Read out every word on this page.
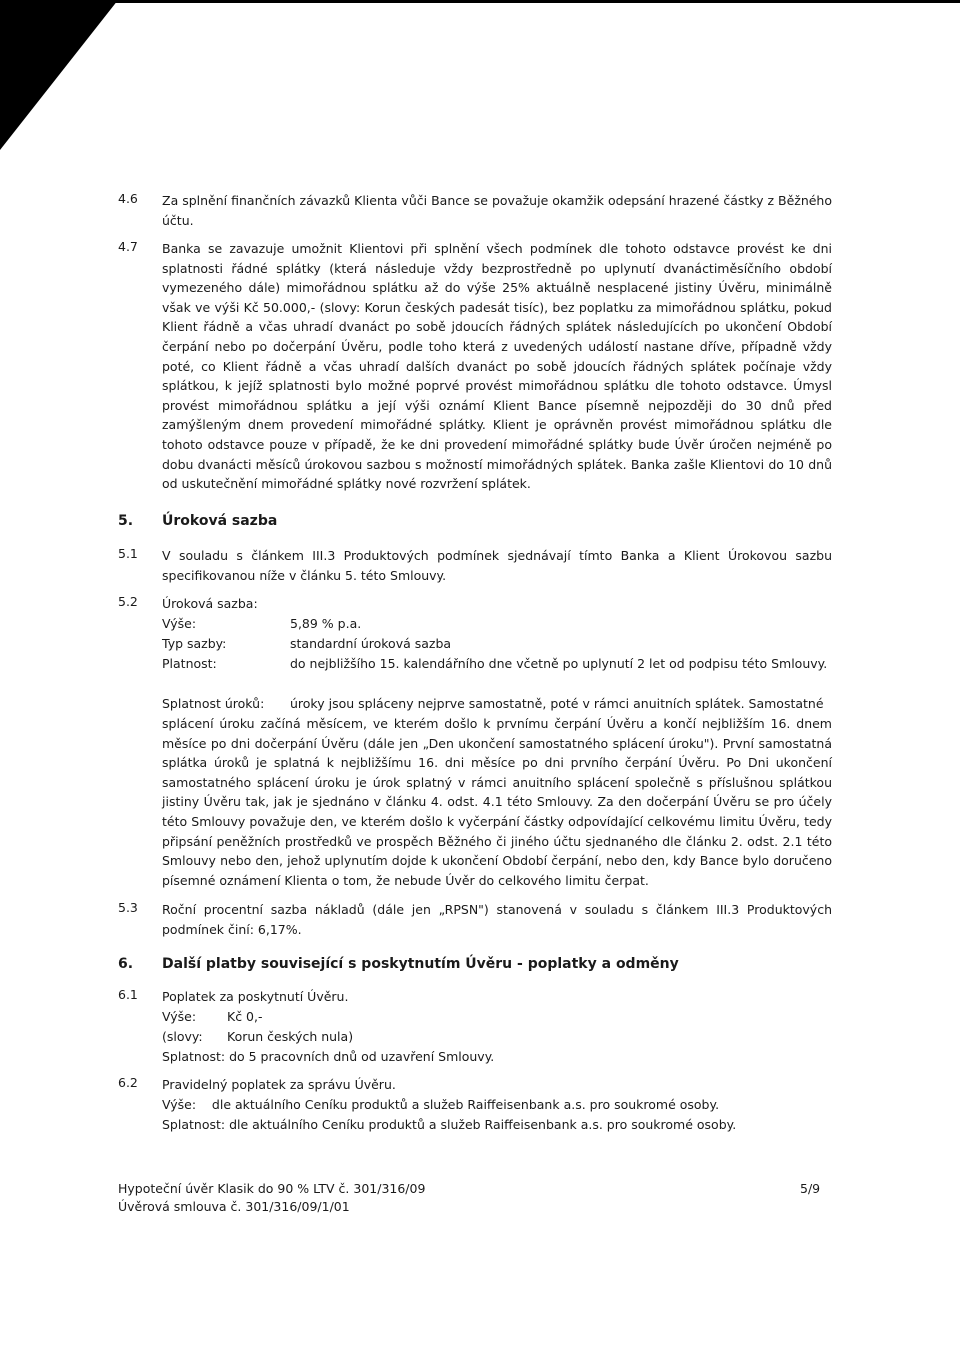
4.6 Za splnění finančních závazků Klienta vůči Bance se považuje okamžik odepsání hrazené částky z Běžného účtu.
4.7 Banka se zavazuje umožnit Klientovi při splnění všech podmínek dle tohoto odstavce provést ke dni splatnosti řádné splátky (která následuje vždy bezprostředně po uplynutí dvanáctiměsíčního období vymezeného dále) mimořádnou splátku až do výše 25% aktuálně nesplacené jistiny Úvěru, minimálně však ve výši Kč 50.000,- (slovy: Korun českých padesát tisíc), bez poplatku za mimořádnou splátku, pokud Klient řádně a včas uhradí dvanáct po sobě jdoucích řádných splátek následujících po ukončení Období čerpání nebo po dočerpání Úvěru, podle toho která z uvedených událostí nastane dříve, případně vždy poté, co Klient řádně a včas uhradí dalších dvanáct po sobě jdoucích řádných splátek počínaje vždy splátkou, k jejíž splatnosti bylo možné poprvé provést mimořádnou splátku dle tohoto odstavce. Úmysl provést mimořádnou splátku a její výši oznámí Klient Bance písemně nejpozději do 30 dnů před zamýšleným dnem provedení mimořádné splátky. Klient je oprávněn provést mimořádnou splátku dle tohoto odstavce pouze v případě, že ke dni provedení mimořádné splátky bude Úvěr úročen nejméně po dobu dvanácti měsíců úrokovou sazbou s možností mimořádných splátek. Banka zašle Klientovi do 10 dnů od uskutečnění mimořádné splátky nové rozvržení splátek.
5. Úroková sazba
5.1 V souladu s článkem III.3 Produktových podmínek sjednávají tímto Banka a Klient Úrokovou sazbu specifikovanou níže v článku 5. této Smlouvy.
5.2 Úroková sazba:
Výše:	5,89 % p.a.
Typ sazby:	standardní úroková sazba
Platnost:	do nejbližšího 15. kalendářního dne včetně po uplynutí 2 let od podpisu této Smlouvy.
Splatnost úroků: úroky jsou spláceny nejprve samostatně, poté v rámci anuitních splátek. Samostatné
splácení úroku začíná měsícem, ve kterém došlo k prvnímu čerpání Úvěru a končí nejbližším 16. dnem měsíce po dni dočerpání Úvěru (dále jen „Den ukončení samostatného splácení úroku"). První samostatná splátka úroků je splatná k nejbližšímu 16. dni měsíce po dni prvního čerpání Úvěru. Po Dni ukončení samostatného splácení úroku je úrok splatný v rámci anuitního splácení společně s příslušnou splátkou jistiny Úvěru tak, jak je sjednáno v článku 4. odst. 4.1 této Smlouvy. Za den dočerpání Úvěru se pro účely této Smlouvy považuje den, ve kterém došlo k vyčerpání částky odpovídající celkovému limitu Úvěru, tedy připsání peněžních prostředků ve prospěch Běžného či jiného účtu sjednaného dle článku 2. odst. 2.1 této Smlouvy nebo den, jehož uplynutím dojde k ukončení Období čerpání, nebo den, kdy Bance bylo doručeno písemné oznámení Klienta o tom, že nebude Úvěr do celkového limitu čerpat.
5.3 Roční procentní sazba nákladů (dále jen „RPSN") stanovená v souladu s článkem III.3 Produktových podmínek činí: 6,17%.
6. Další platby související s poskytnutím Úvěru - poplatky a odměny
6.1 Poplatek za poskytnutí Úvěru.
Výše: Kč 0,-
(slovy: Korun českých nula)
Splatnost: do 5 pracovních dnů od uzavření Smlouvy.
6.2 Pravidelný poplatek za správu Úvěru.
Výše:    dle aktuálního Ceníku produktů a služeb Raiffeisenbank a.s. pro soukromé osoby.
Splatnost: dle aktuálního Ceníku produktů a služeb Raiffeisenbank a.s. pro soukromé osoby.
Hypoteční úvěr Klasik do 90 % LTV č. 301/316/09
Úvěrová smlouva č. 301/316/09/1/01
5/9
